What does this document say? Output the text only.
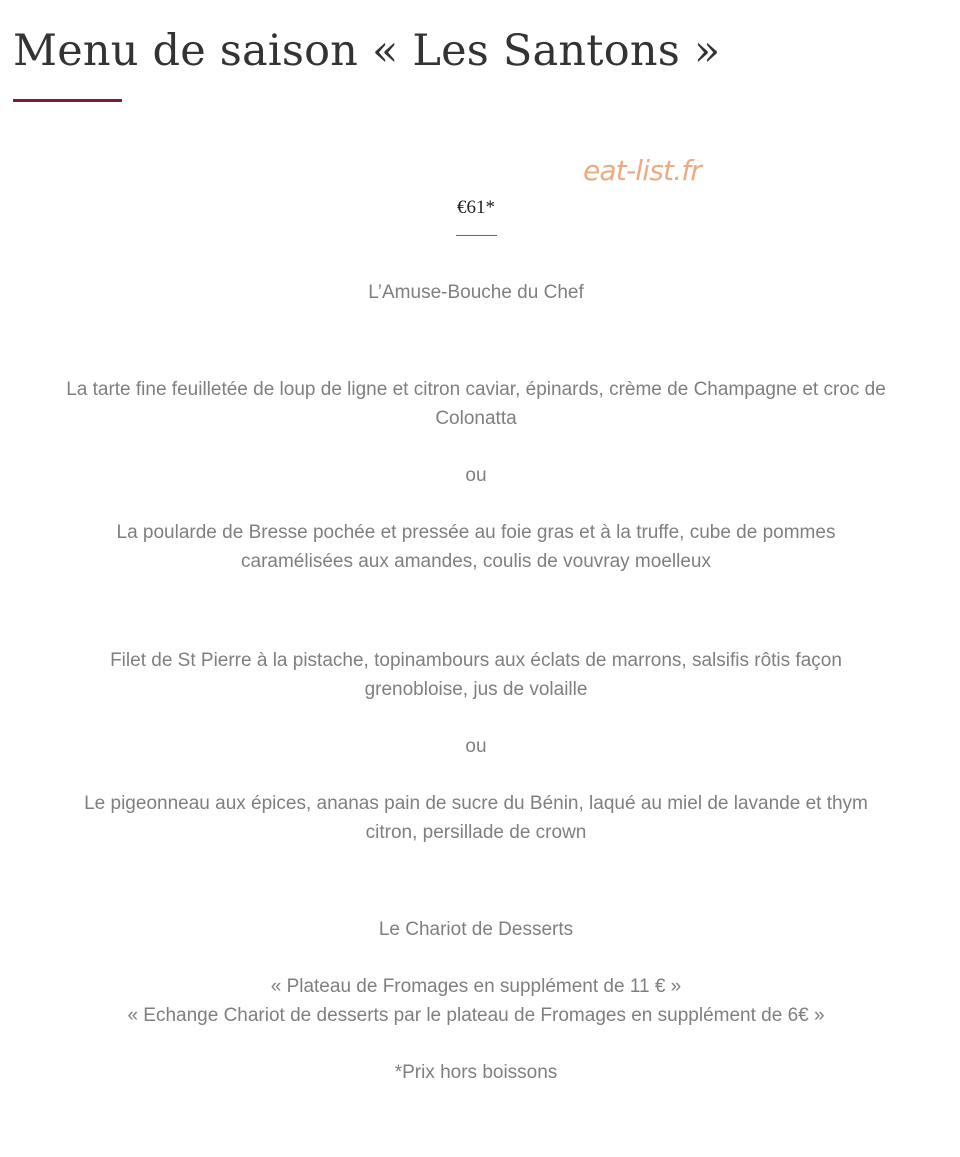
Menu de saison « Les Santons »
eat-list.fr
€61*

L’Amuse-Bouche du Chef

La tarte fine feuilletée de loup de ligne et citron caviar, épinards, crème de Champagne et croc de

Colonatta

ou

La poularde de Bresse pochée et pressée au foie gras et à la truffe, cube de pommes

caramélisées aux amandes, coulis de vouvray moelleux

Filet de St Pierre à la pistache, topinambours aux éclats de marrons, salsifis rôtis façon

grenobloise, jus de volaille

ou

Le pigeonneau aux épices, ananas pain de sucre du Bénin, laqué au miel de lavande et thym

citron, persillade de crown

Le Chariot de Desserts

« Plateau de Fromages en supplément de 11 € »

« Echange Chariot de desserts par le plateau de Fromages en supplément de 6€ »

*Prix hors boissons
